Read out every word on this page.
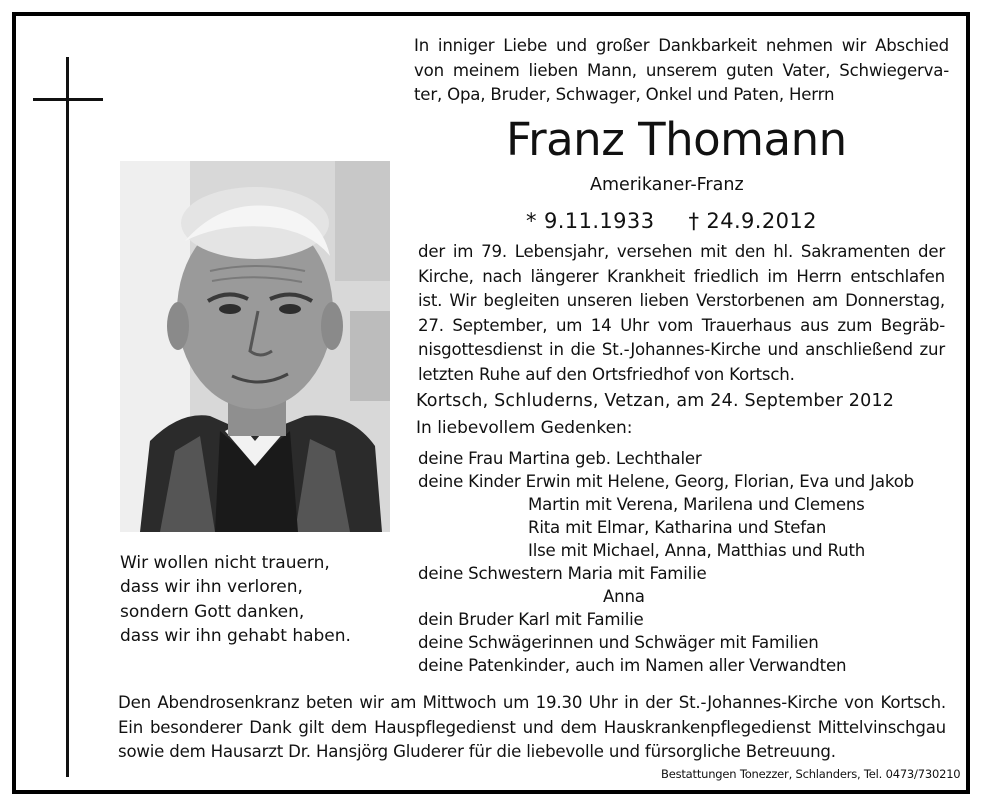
In inniger Liebe und großer Dankbarkeit nehmen wir Abschied
von meinem lieben Mann, unserem guten Vater, Schwiegerva-
ter, Opa, Bruder, Schwager, Onkel und Paten, Herrn
Franz Thomann
Amerikaner-Franz
* 9.11.1933 † 24.9.2012
der im 79. Lebensjahr, versehen mit den hl. Sakramenten der
Kirche, nach längerer Krankheit friedlich im Herrn entschlafen
ist. Wir begleiten unseren lieben Verstorbenen am Donnerstag,
27. September, um 14 Uhr vom Trauerhaus aus zum Begräb-
nisgottesdienst in die St.-Johannes-Kirche und anschließend zur
letzten Ruhe auf den Ortsfriedhof von Kortsch.
Kortsch, Schluderns, Vetzan, am 24. September 2012
In liebevollem Gedenken:
deine Frau Martina geb. Lechthaler
deine Kinder Erwin mit Helene, Georg, Florian, Eva und Jakob
Martin mit Verena, Marilena und Clemens
Rita mit Elmar, Katharina und Stefan
Ilse mit Michael, Anna, Matthias und Ruth
deine Schwestern Maria mit Familie
Anna
dein Bruder Karl mit Familie
deine Schwägerinnen und Schwäger mit Familien
deine Patenkinder, auch im Namen aller Verwandten
Wir wollen nicht trauern,
dass wir ihn verloren,
sondern Gott danken,
dass wir ihn gehabt haben.
Den Abendrosenkranz beten wir am Mittwoch um 19.30 Uhr in der St.-Johannes-Kirche von Kortsch.
Ein besonderer Dank gilt dem Hauspflegedienst und dem Hauskrankenpflegedienst Mittelvinschgau
sowie dem Hausarzt Dr. Hansjörg Gluderer für die liebevolle und fürsorgliche Betreuung.
Bestattungen Tonezzer, Schlanders, Tel. 0473/730210
